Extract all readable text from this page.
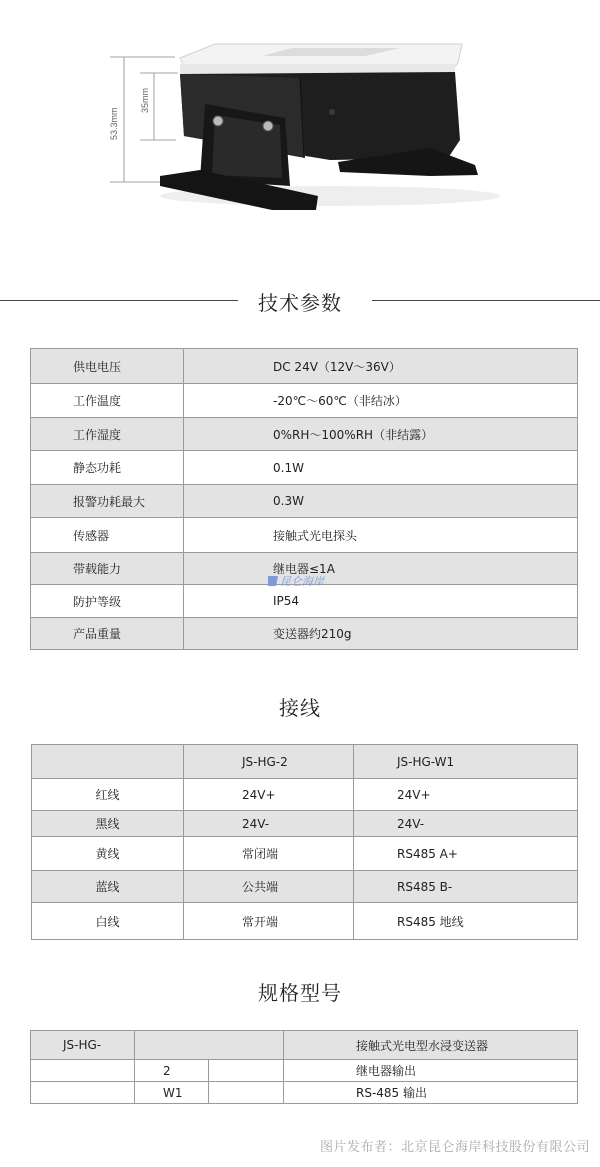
53.3mm
35mm
技术参数
供电电压	DC 24V（12V～36V）
工作温度	-20℃～60℃（非结冰）
工作湿度	0%RH～100%RH（非结露）
静态功耗	0.1W
报警功耗最大	0.3W
传感器	接触式光电探头
带载能力	继电器≤1A
防护等级	IP54
产品重量	变送器约210g
昆仑海岸
接线
	JS-HG-2	JS-HG-W1
红线	24V+	24V+
黑线	24V-	24V-
黄线	常闭端	RS485 A+
蓝线	公共端	RS485 B-
白线	常开端	RS485 地线
规格型号
JS-HG-			接触式光电型水浸变送器
	2		继电器输出
	W1		RS-485 输出
图片发布者：北京昆仑海岸科技股份有限公司
